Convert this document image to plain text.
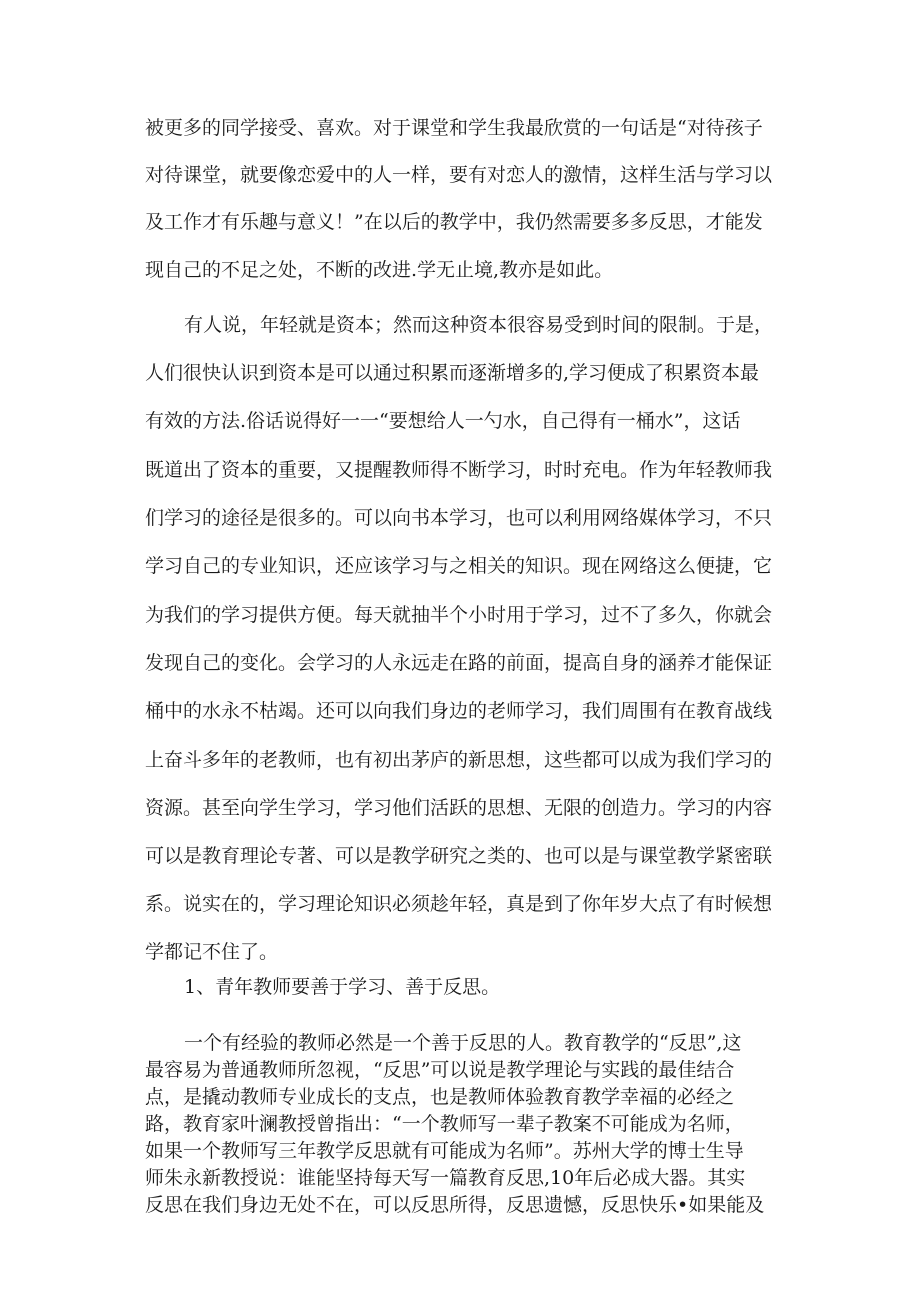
被更多的同学接受、喜欢。对于课堂和学生我最欣赏的一句话是“对待孩子
对待课堂，就要像恋爱中的人一样，要有对恋人的激情，这样生活与学习以
及工作才有乐趣与意义！”在以后的教学中，我仍然需要多多反思，才能发
现自己的不足之处，不断的改进.学无止境,教亦是如此。
有人说，年轻就是资本；然而这种资本很容易受到时间的限制。于是，
人们很快认识到资本是可以通过积累而逐渐增多的,学习便成了积累资本最
有效的方法.俗话说得好一一“要想给人一勺水，自己得有一桶水”，这话
既道出了资本的重要，又提醒教师得不断学习，时时充电。作为年轻教师我
们学习的途径是很多的。可以向书本学习，也可以利用网络媒体学习，不只
学习自己的专业知识，还应该学习与之相关的知识。现在网络这么便捷，它
为我们的学习提供方便。每天就抽半个小时用于学习，过不了多久，你就会
发现自己的变化。会学习的人永远走在路的前面，提高自身的涵养才能保证
桶中的水永不枯竭。还可以向我们身边的老师学习，我们周围有在教育战线
上奋斗多年的老教师，也有初出茅庐的新思想，这些都可以成为我们学习的
资源。甚至向学生学习，学习他们活跃的思想、无限的创造力。学习的内容
可以是教育理论专著、可以是教学研究之类的、也可以是与课堂教学紧密联
系。说实在的，学习理论知识必须趁年轻，真是到了你年岁大点了有时候想
学都记不住了。
1、青年教师要善于学习、善于反思。
一个有经验的教师必然是一个善于反思的人。教育教学的“反思”,这
最容易为普通教师所忽视，“反思”可以说是教学理论与实践的最佳结合
点，是撬动教师专业成长的支点，也是教师体验教育教学幸福的必经之
路，教育家叶澜教授曾指出：“一个教师写一辈子教案不可能成为名师，
如果一个教师写三年教学反思就有可能成为名师”。苏州大学的博士生导
师朱永新教授说：谁能坚持每天写一篇教育反思,10年后必成大器。其实
反思在我们身边无处不在，可以反思所得，反思遗憾，反思快乐•如果能及
